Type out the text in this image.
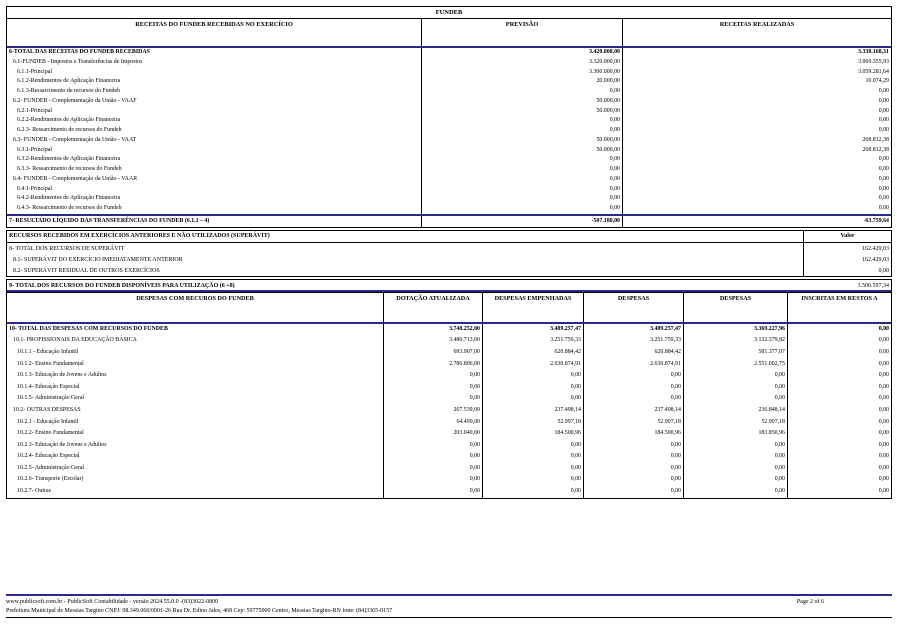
FUNDEB
RECEITAS DO FUNDEB RECEBIDAS NO EXERCÍCIO	PREVISÃO	RECEITAS REALIZADAS
6-TOTAL DAS RECEITAS DO FUNDEB RECEBIDAS	3.420.000,00	3.338.168,31
6.1-FUNDEB - Impostos e Transferências de Impostos	3.320.000,00	3.069.355,93
6.1.1-Principal	3.300.000,00	3.059.281,64
6.1.2-Rendimentos de Aplicação Financeira	20.000,00	10.074,29
6.1.3-Ressarcimento de recursos do Fundeb	0,00	0,00
6.2- FUNDEB - Complementação da União - VAAF	50.000,00	0,00
6.2.1-Principal	50.000,00	0,00
6.2.2-Rendimentos de Aplicação Financeira	0,00	0,00
6.2.3- Ressarcimento de recursos do Fundeb	0,00	0,00
6.3- FUNDEB - Complementação da União - VAAT	50.000,00	268.812,38
6.3.1-Principal	50.000,00	268.812,38
6.3.2-Rendimentos de Aplicação Financeira	0,00	0,00
6.3.3- Ressarcimento de recursos do Fundeb	0,00	0,00
6.4- FUNDEB - Complementação da União - VAAR	0,00	0,00
6.4.1-Principal	0,00	0,00
6.4.2-Rendimentos de Aplicação Financeira	0,00	0,00
6.4.3- Ressarcimento de recursos do Fundeb	0,00	0,00
7- RESULTADO LÍQUIDO DAS TRANSFERÊNCIAS DO FUNDEB (6.1.1 – 4)	-507.180,00	-63.759,64
RECURSOS RECEBIDOS EM EXERCÍCIOS ANTERIORES E NÃO UTILIZADOS (SUPERÁVIT)	Valor
8- TOTAL DOS RECURSOS DE SUPERÁVIT	162.429,03
8.1- SUPERÁVIT DO EXERCÍCIO IMEDIATAMENTE ANTERIOR	162.429,03
8.2- SUPERÁVIT RESIDUAL DE OUTROS EXERCÍCIOS	0,00
9- TOTAL DOS RECURSOS DO FUNDEB DISPONÍVEIS PARA UTILIZAÇÃO (6 +8)	3.500.597,34
DESPESAS COM RECUROS DO FUNDEB	DOTAÇÃO ATUALIZADA	DESPESAS EMPENHADAS	DESPESAS	DESPESAS	INSCRITAS EM RESTOS A
10- TOTAL DAS DESPESAS COM RECURSOS DO FUNDEB	3.748.252,00	3.489.257,47	3.489.257,47	3.369.227,96	0,00
10.1- PROFISSIONAIS DA EDUCAÇÃO BÁSICA	3.480.713,00	3.251.759,33	3.251.759,33	3.132.379,82	0,00
10.1.1 - Educação Infantil	693.907,00	620.884,42	620.884,42	581.377,07	0,00
10.1.2- Ensino Fundamental	2.786.806,00	2.630.874,91	2.630.874,91	2.551.002,75	0,00
10.1.3- Educação de Jovens e Adultos	0,00	0,00	0,00	0,00	0,00
10.1.4- Educação Especial	0,00	0,00	0,00	0,00	0,00
10.1.5- Administração Geral	0,00	0,00	0,00	0,00	0,00
10.2- OUTRAS DESPESAS	267.539,00	237.498,14	237.498,14	236.848,14	0,00
10.2.1 - Educação Infantil	64.499,00	52.997,18	52.997,18	52.997,18	0,00
10.2.2- Ensino Fundamental	203.040,00	184.500,96	184.500,96	183.850,96	0,00
10.2.3- Educação de Jovens e Adultos	0,00	0,00	0,00	0,00	0,00
10.2.4- Educação Especial	0,00	0,00	0,00	0,00	0,00
10.2.5- Administração Geral	0,00	0,00	0,00	0,00	0,00
10.2.6- Transporte (Escolar)	0,00	0,00	0,00	0,00	0,00
10.2.7- Outras	0,00	0,00	0,00	0,00	0,00
www.publicsoft.com.br - PublicSoft Contabilidade - versão 2024.55.0.0 -(83)3022-0800
Prefeitura Municipal de Messias Targino CNPJ: 08.349.060/0001-26 Rua Dr. Edino Jales, 468 Cep: 59775000 Centro, Messias Targino-RN fone: (84)3365-0157
Page 2 of 6
